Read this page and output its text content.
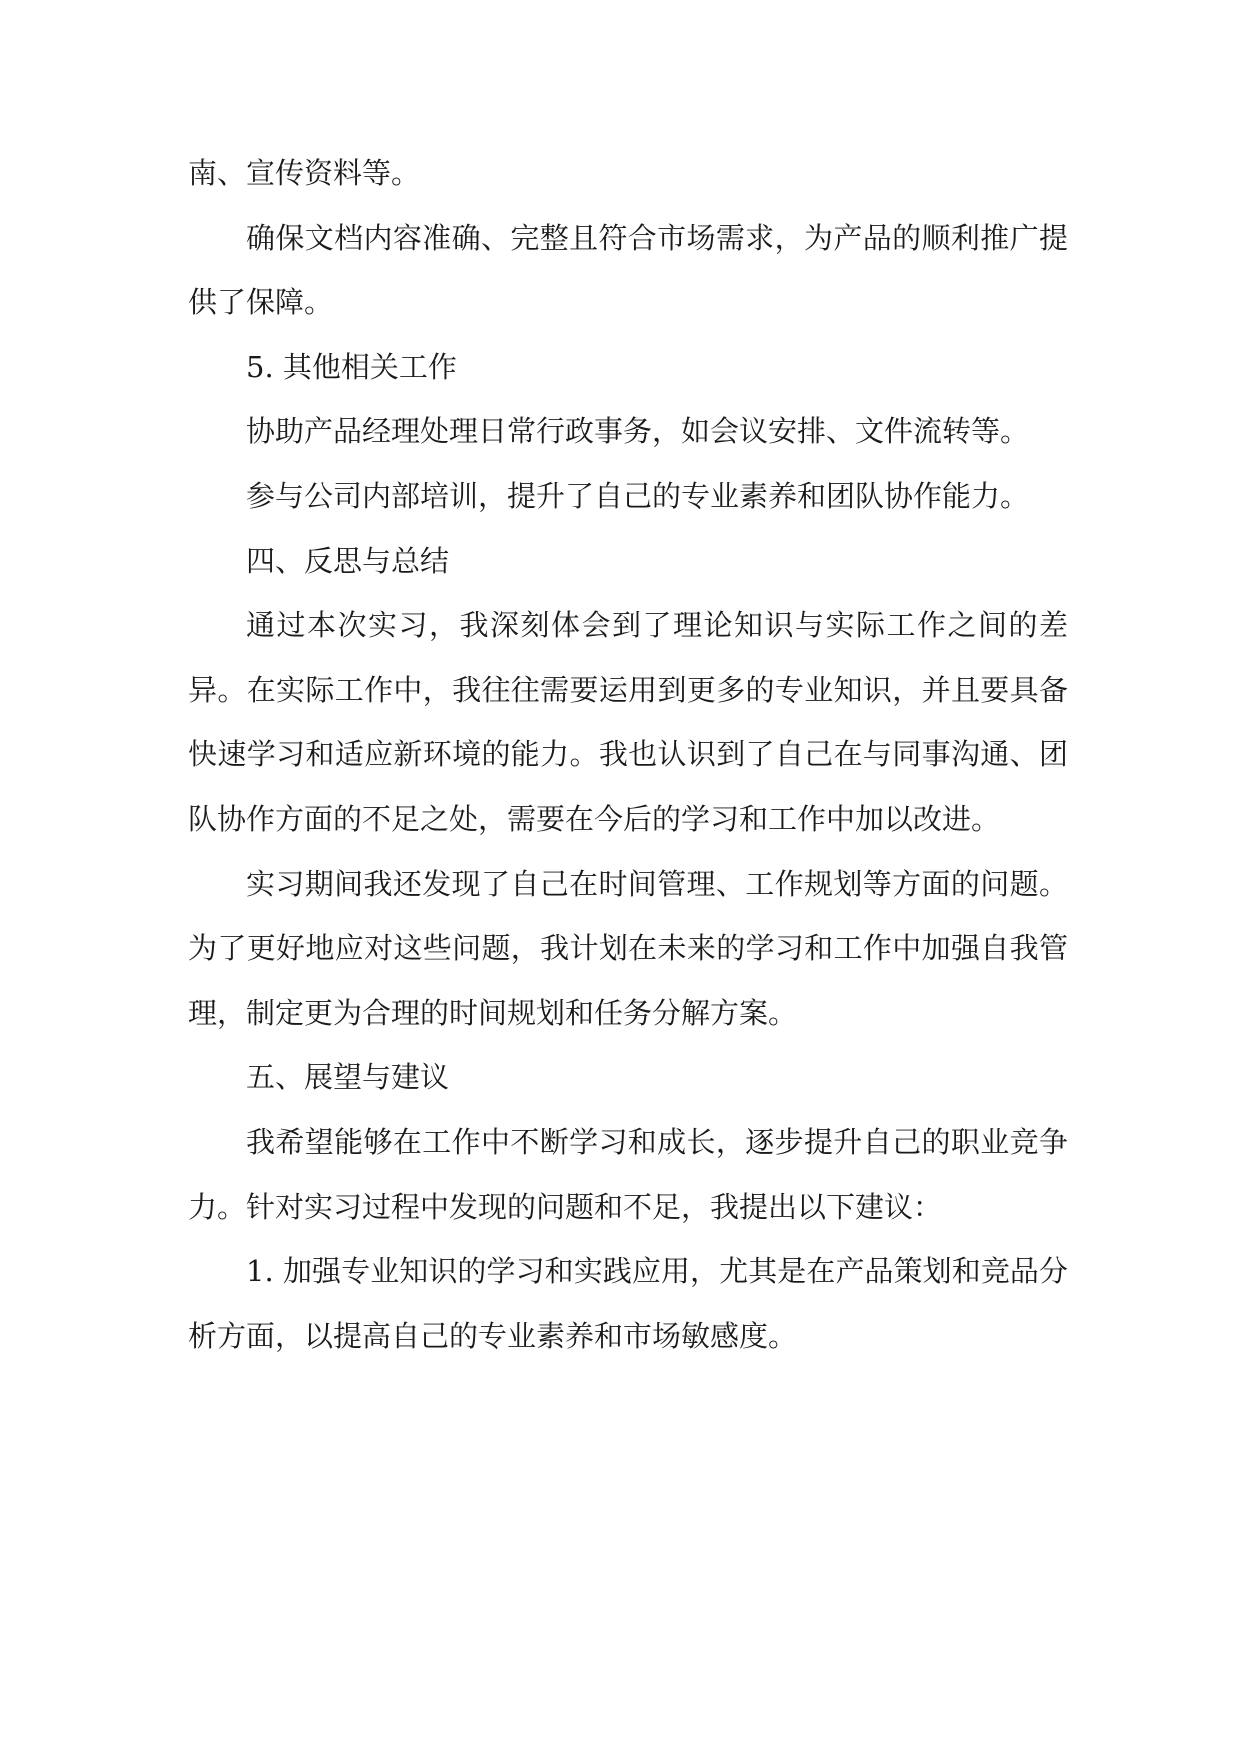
南、宣传资料等。

确保文档内容准确、完整且符合市场需求，为产品的顺利推广提供了保障。

5. 其他相关工作

协助产品经理处理日常行政事务，如会议安排、文件流转等。

参与公司内部培训，提升了自己的专业素养和团队协作能力。

四、反思与总结

通过本次实习，我深刻体会到了理论知识与实际工作之间的差异。在实际工作中，我往往需要运用到更多的专业知识，并且要具备快速学习和适应新环境的能力。我也认识到了自己在与同事沟通、团队协作方面的不足之处，需要在今后的学习和工作中加以改进。

实习期间我还发现了自己在时间管理、工作规划等方面的问题。为了更好地应对这些问题，我计划在未来的学习和工作中加强自我管理，制定更为合理的时间规划和任务分解方案。

五、展望与建议

我希望能够在工作中不断学习和成长，逐步提升自己的职业竞争力。针对实习过程中发现的问题和不足，我提出以下建议：

1. 加强专业知识的学习和实践应用，尤其是在产品策划和竞品分析方面，以提高自己的专业素养和市场敏感度。
